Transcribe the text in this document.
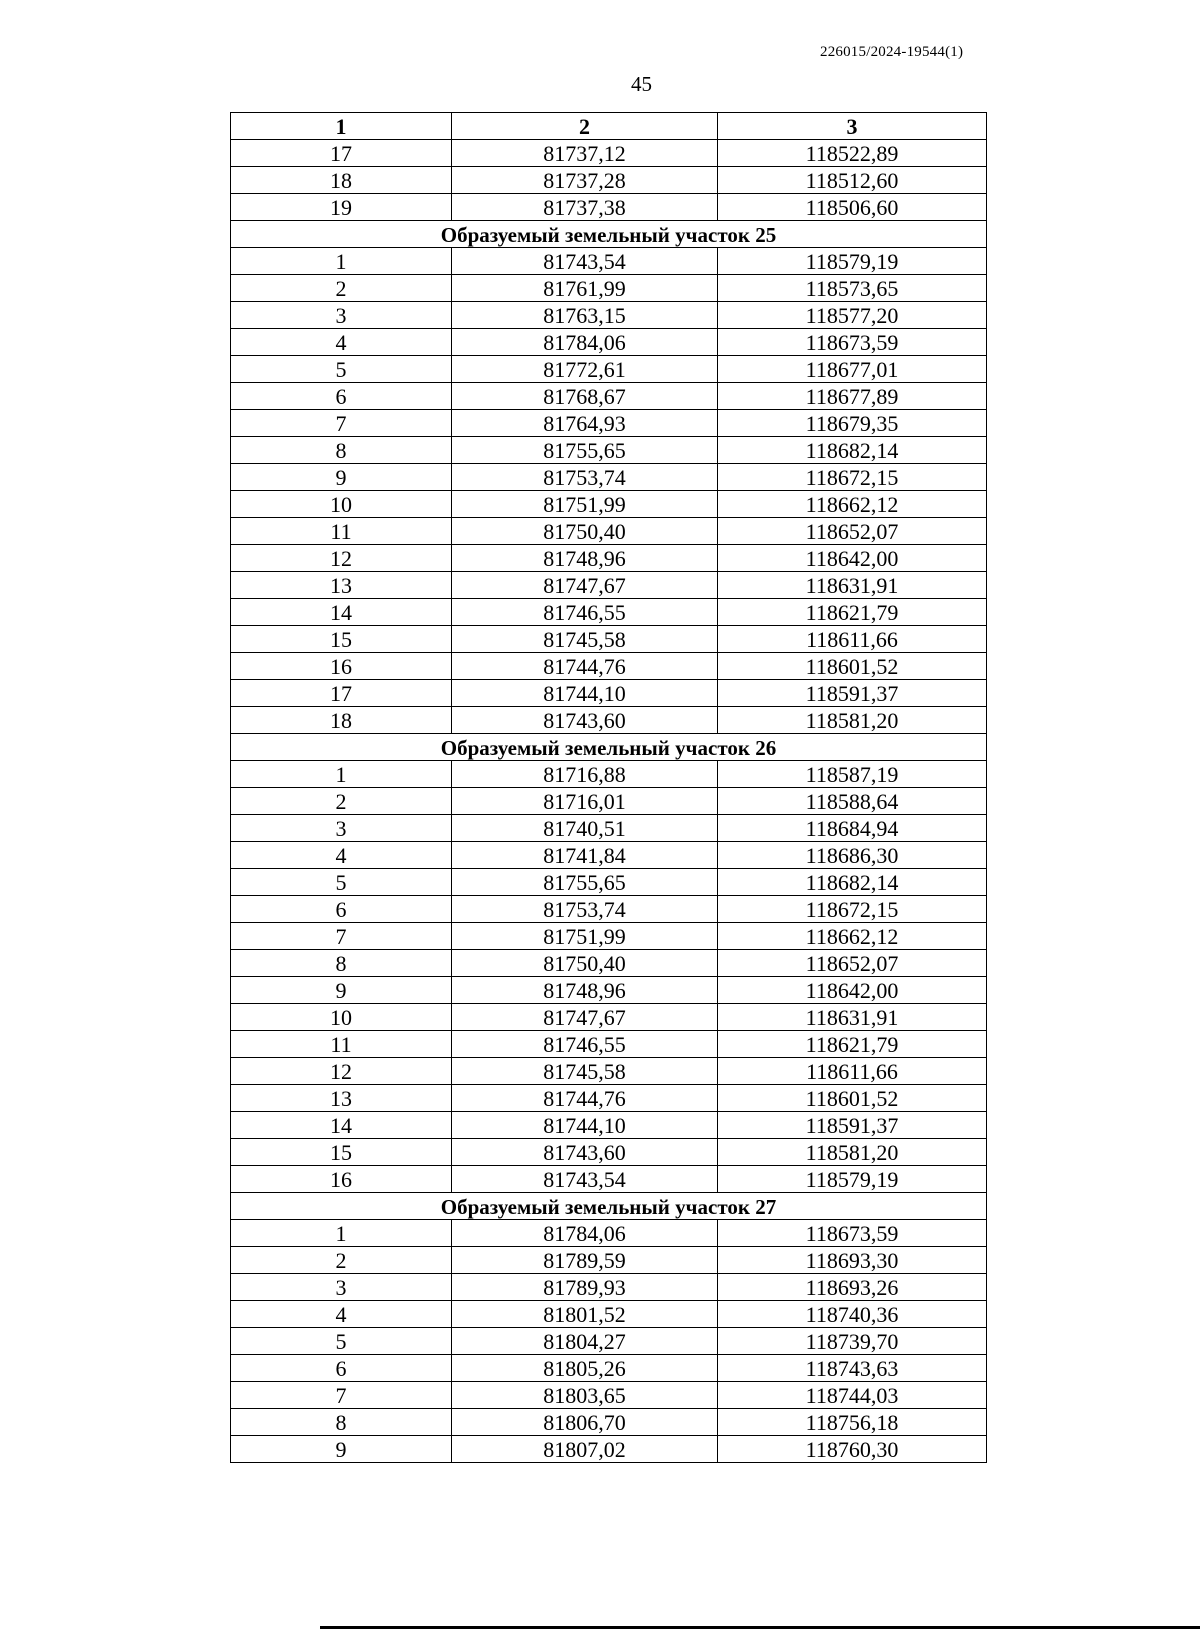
226015/2024-19544(1)
45
1	2	3
17	81737,12	118522,89
18	81737,28	118512,60
19	81737,38	118506,60
Образуемый земельный участок 25		
1	81743,54	118579,19
2	81761,99	118573,65
3	81763,15	118577,20
4	81784,06	118673,59
5	81772,61	118677,01
6	81768,67	118677,89
7	81764,93	118679,35
8	81755,65	118682,14
9	81753,74	118672,15
10	81751,99	118662,12
11	81750,40	118652,07
12	81748,96	118642,00
13	81747,67	118631,91
14	81746,55	118621,79
15	81745,58	118611,66
16	81744,76	118601,52
17	81744,10	118591,37
18	81743,60	118581,20
Образуемый земельный участок 26		
1	81716,88	118587,19
2	81716,01	118588,64
3	81740,51	118684,94
4	81741,84	118686,30
5	81755,65	118682,14
6	81753,74	118672,15
7	81751,99	118662,12
8	81750,40	118652,07
9	81748,96	118642,00
10	81747,67	118631,91
11	81746,55	118621,79
12	81745,58	118611,66
13	81744,76	118601,52
14	81744,10	118591,37
15	81743,60	118581,20
16	81743,54	118579,19
Образуемый земельный участок 27		
1	81784,06	118673,59
2	81789,59	118693,30
3	81789,93	118693,26
4	81801,52	118740,36
5	81804,27	118739,70
6	81805,26	118743,63
7	81803,65	118744,03
8	81806,70	118756,18
9	81807,02	118760,30
